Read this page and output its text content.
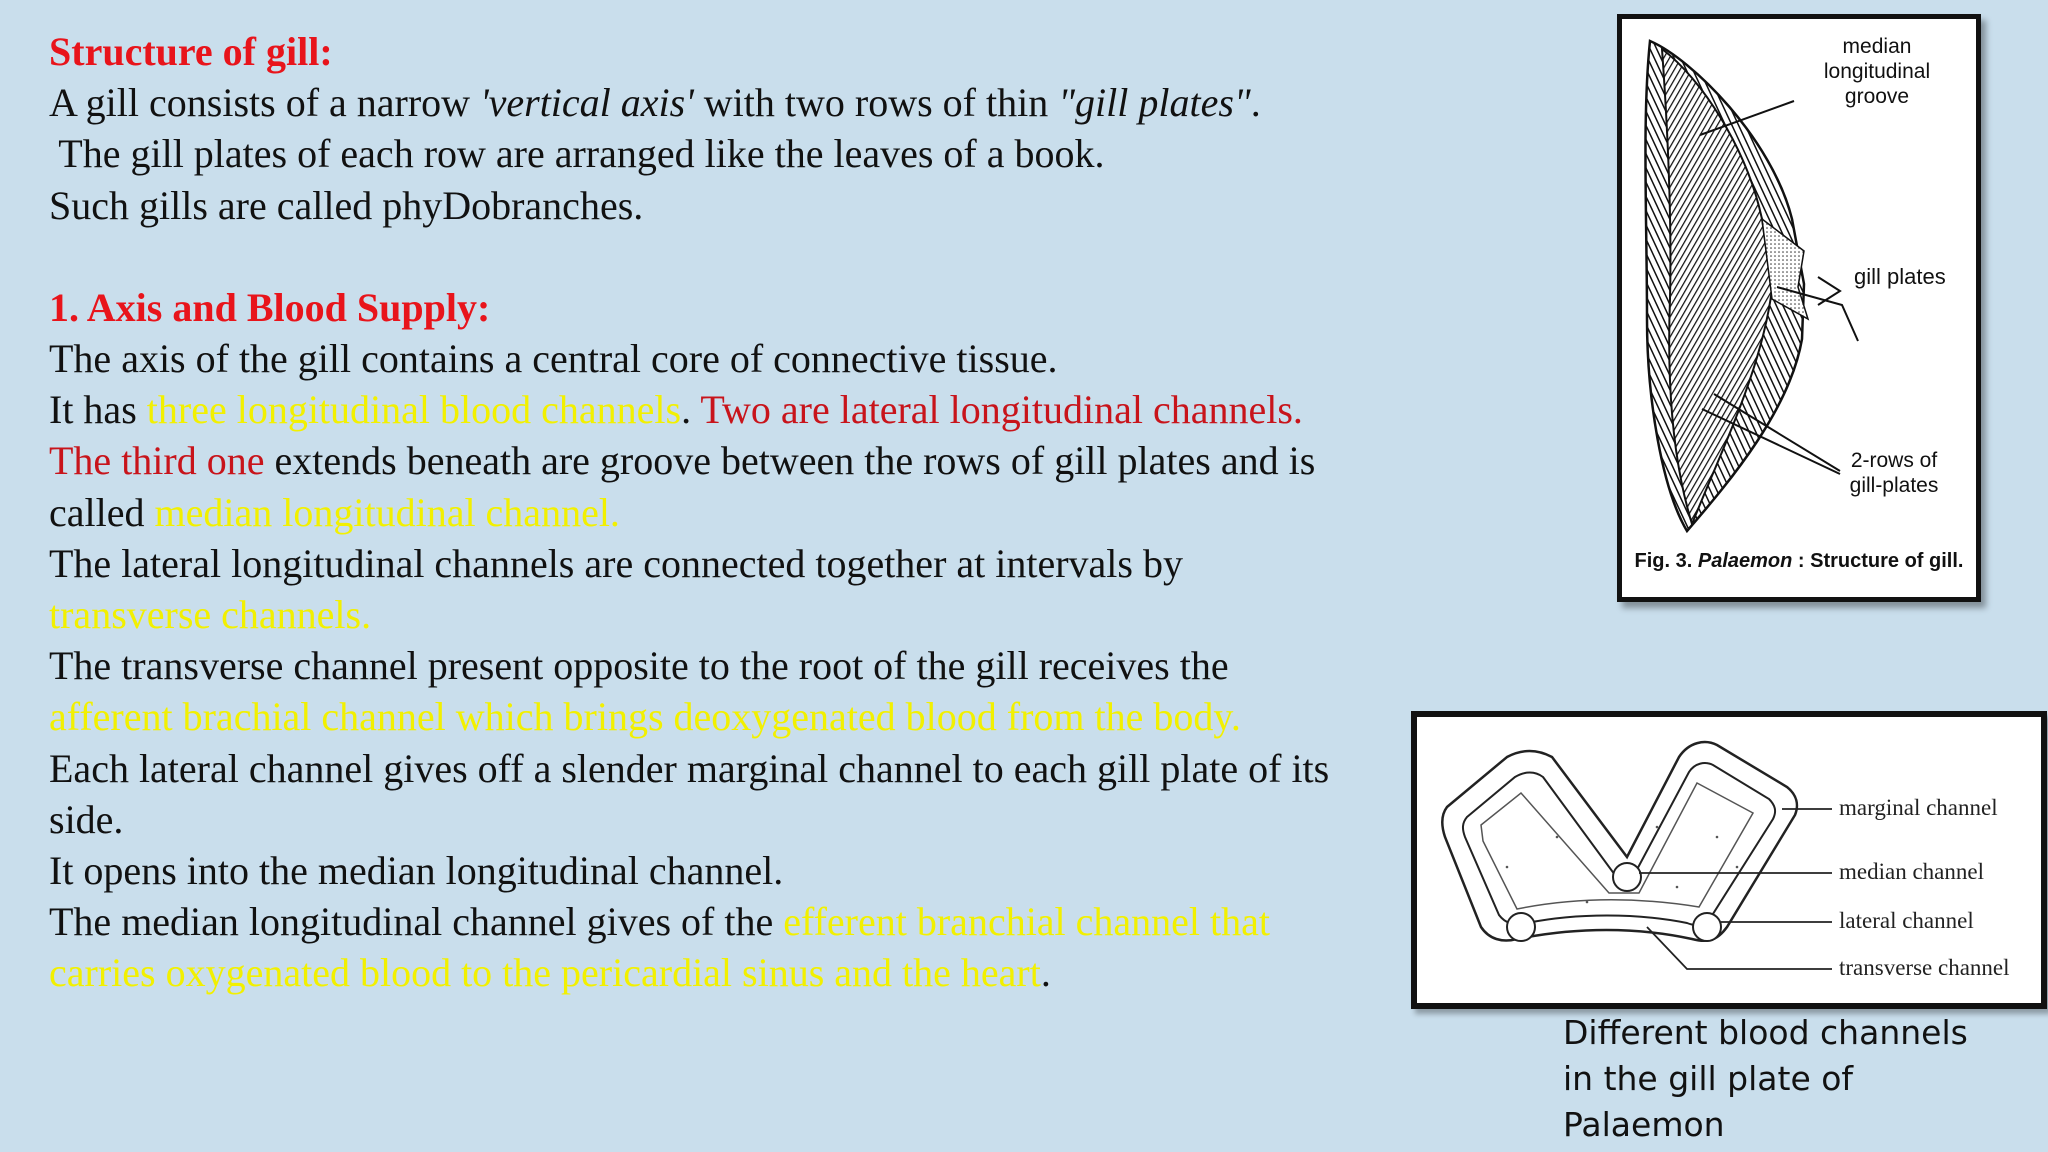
Structure of gill:

A gill consists of a narrow 'vertical axis' with two rows of thin "gill plates".

The gill plates of each row are arranged like the leaves of a book.

Such gills are called phyDobranches.

1. Axis and Blood Supply:

The axis of the gill contains a central core of connective tissue.

It has three longitudinal blood channels. Two are lateral longitudinal channels.

The third one extends beneath are groove between the rows of gill plates and is called median longitudinal channel.

The lateral longitudinal channels are connected together at intervals by transverse channels.

The transverse channel present opposite to the root of the gill receives the afferent brachial channel which brings deoxygenated blood from the body.

Each lateral channel gives off a slender marginal channel to each gill plate of its side.

It opens into the median longitudinal channel.

The median longitudinal channel gives of the efferent branchial channel that carries oxygenated blood to the pericardial sinus and the heart.

median
longitudinal
groove
gill plates
2-rows of
gill-plates
Fig. 3. Palaemon : Structure of gill.
marginal channel
median channel
lateral channel
transverse channel
Different blood channels in the gill plate of Palaemon
